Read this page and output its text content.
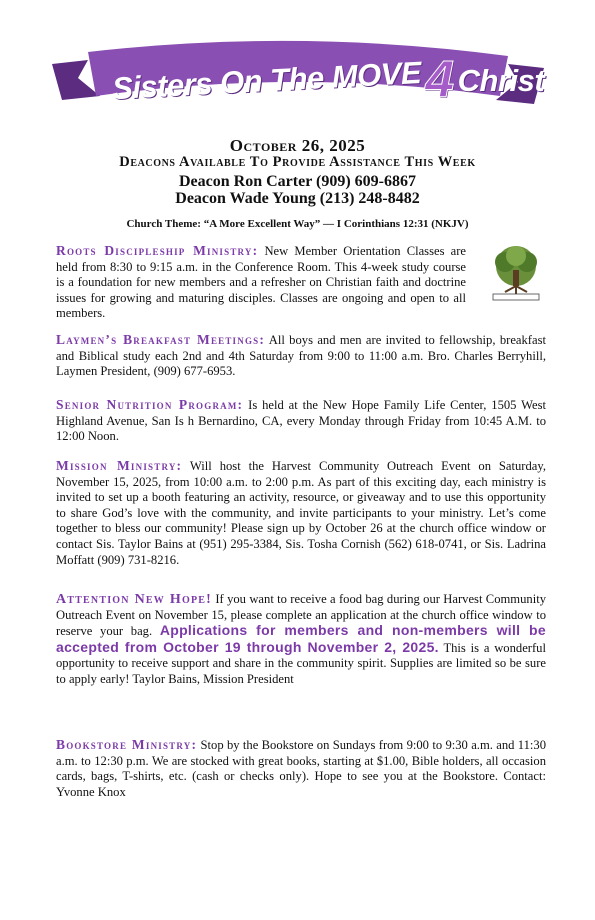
Sisters On The MOVE4 Christ
October 26, 2025
Deacons Available To Provide Assistance This Week
Deacon Ron Carter (909) 609-6867
Deacon Wade Young (213) 248-8482
Church Theme: “A More Excellent Way” — I Corinthians 12:31 (NKJV)
Roots Discipleship Ministry: New Member Orientation Classes are held from 8:30 to 9:15 a.m. in the Conference Room. This 4-week study course is a foundation for new members and a refresher on Christian faith and doctrine issues for growing and maturing disciples. Classes are ongoing and open to all members.
Laymen’s Breakfast Meetings: All boys and men are invited to fellowship, breakfast and Biblical study each 2nd and 4th Saturday from 9:00 to 11:00 a.m. Bro. Charles Berryhill, Laymen President, (909) 677-6953.
Senior Nutrition Program: Is held at the New Hope Family Life Center, 1505 West Highland Avenue, San Is h Bernardino, CA, every Monday through Friday from 10:45 A.M. to 12:00 Noon.
Mission Ministry: Will host the Harvest Community Outreach Event on Saturday, November 15, 2025, from 10:00 a.m. to 2:00 p.m. As part of this exciting day, each ministry is invited to set up a booth featuring an activity, resource, or giveaway and to use this opportunity to share God’s love with the community, and invite participants to your ministry. Let’s come together to bless our community! Please sign up by October 26 at the church office window or contact Sis. Taylor Bains at (951) 295-3384, Sis. Tosha Cornish (562) 618-0741, or Sis. Ladrina Moffatt (909) 731-8216.
Attention New Hope! If you want to receive a food bag during our Harvest Community Outreach Event on November 15, please complete an application at the church office window to reserve your bag. Applications for members and non-members will be accepted from October 19 through November 2, 2025. This is a wonderful opportunity to receive support and share in the community spirit. Supplies are limited so be sure to apply early! Taylor Bains, Mission President
Bookstore Ministry: Stop by the Bookstore on Sundays from 9:00 to 9:30 a.m. and 11:30 a.m. to 12:30 p.m. We are stocked with great books, starting at $1.00, Bible holders, all occasion cards, bags, T-shirts, etc. (cash or checks only). Hope to see you at the Bookstore. Contact: Yvonne Knox
